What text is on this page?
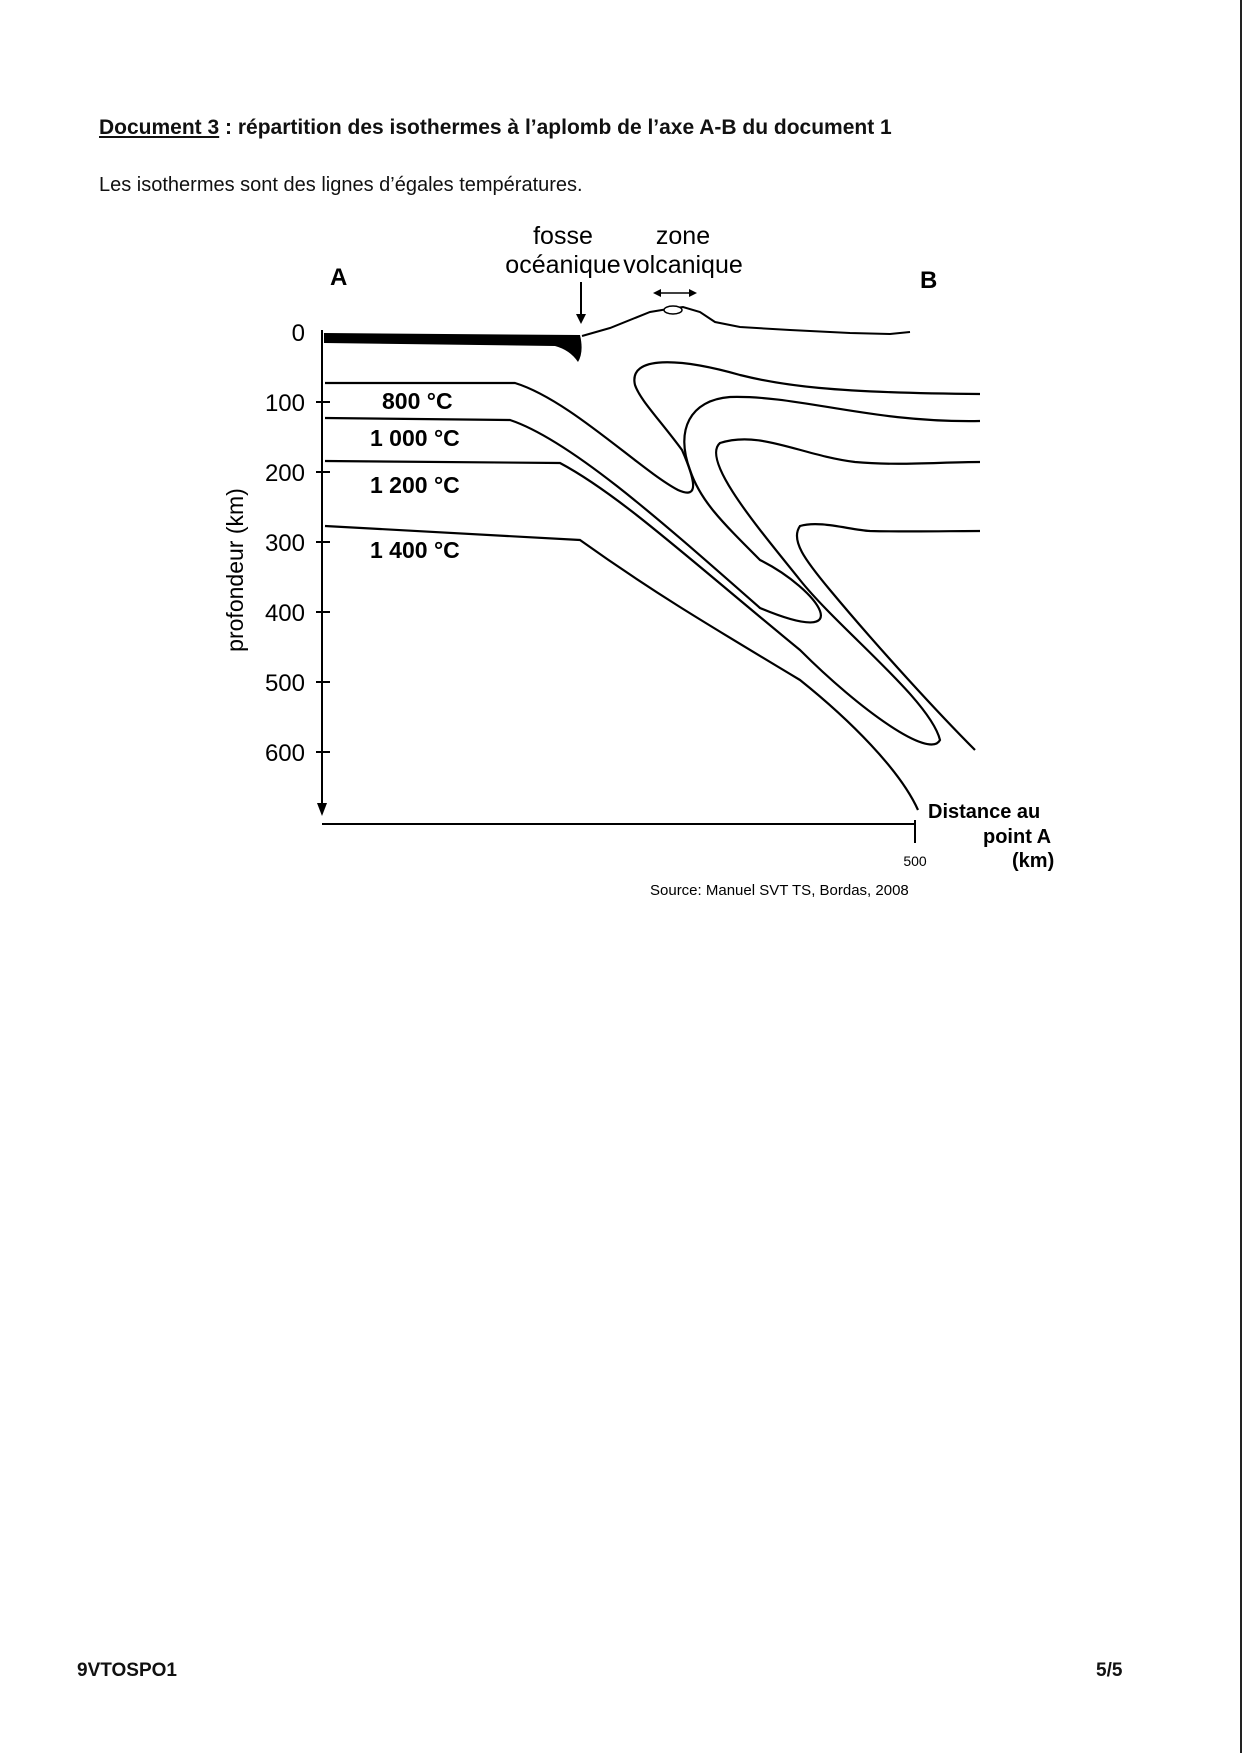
Document 3 : répartition des isothermes à l’aplomb de l’axe A-B du document 1
Les isothermes sont des lignes d’égales températures.
A	B
fosse
océanique
zone
volcanique
0
100
200
300
400
500
600
profondeur (km)
800 °C
1 000 °C
1 200 °C
1 400 °C
Distance au
point A
(km)
500
Source: Manuel SVT TS, Bordas, 2008
9VTOSPO1	5/5
